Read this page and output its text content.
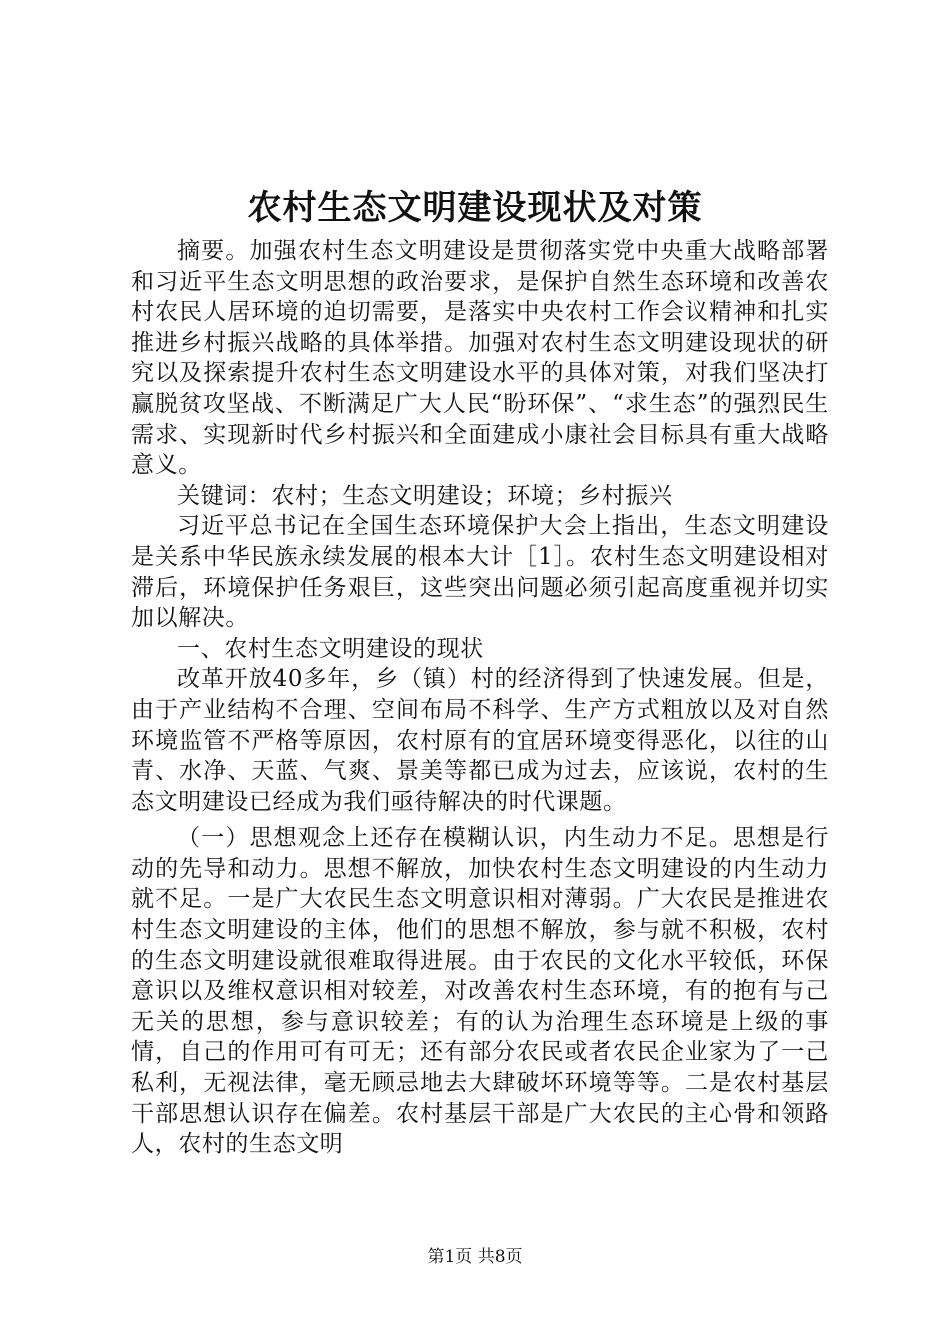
农村生态文明建设现状及对策

摘要。加强农村生态文明建设是贯彻落实党中央重大战略部署和习近平生态文明思想的政治要求，是保护自然生态环境和改善农村农民人居环境的迫切需要，是落实中央农村工作会议精神和扎实推进乡村振兴战略的具体举措。加强对农村生态文明建设现状的研究以及探索提升农村生态文明建设水平的具体对策，对我们坚决打赢脱贫攻坚战、不断满足广大人民“盼环保”、“求生态”的强烈民生需求、实现新时代乡村振兴和全面建成小康社会目标具有重大战略意义。

关键词：农村；生态文明建设；环境；乡村振兴

习近平总书记在全国生态环境保护大会上指出，生态文明建设是关系中华民族永续发展的根本大计［1］。农村生态文明建设相对滞后，环境保护任务艰巨，这些突出问题必须引起高度重视并切实加以解决。

一、农村生态文明建设的现状

改革开放40多年，乡（镇）村的经济得到了快速发展。但是，由于产业结构不合理、空间布局不科学、生产方式粗放以及对自然环境监管不严格等原因，农村原有的宜居环境变得恶化，以往的山青、水净、天蓝、气爽、景美等都已成为过去，应该说，农村的生态文明建设已经成为我们亟待解决的时代课题。

（一）思想观念上还存在模糊认识，内生动力不足。思想是行动的先导和动力。思想不解放，加快农村生态文明建设的内生动力就不足。一是广大农民生态文明意识相对薄弱。广大农民是推进农村生态文明建设的主体，他们的思想不解放，参与就不积极，农村的生态文明建设就很难取得进展。由于农民的文化水平较低，环保意识以及维权意识相对较差，对改善农村生态环境，有的抱有与己无关的思想，参与意识较差；有的认为治理生态环境是上级的事情，自己的作用可有可无；还有部分农民或者农民企业家为了一己私利，无视法律，毫无顾忌地去大肆破坏环境等等。二是农村基层干部思想认识存在偏差。农村基层干部是广大农民的主心骨和领路人，农村的生态文明

第1页 共8页
